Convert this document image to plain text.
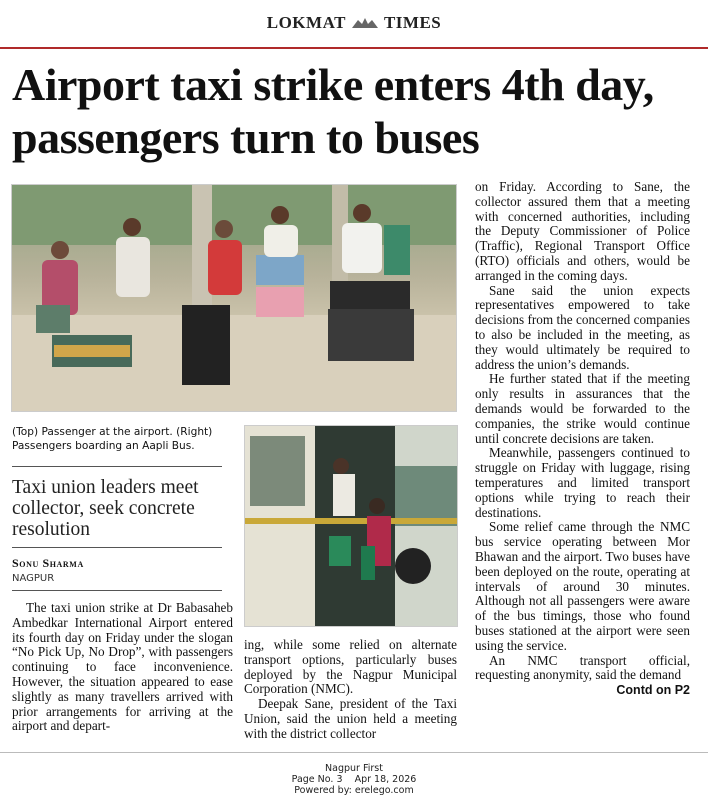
LOKMAT TIMES
Airport taxi strike enters 4th day, passengers turn to buses
(Top) Passenger at the airport. (Right) Passengers boarding an Aapli Bus.
Taxi union leaders meet collector, seek concrete resolution
Sonu Sharma
NAGPUR

The taxi union strike at Dr Babasaheb Ambedkar International Airport entered its fourth day on Friday under the slogan “No Pick Up, No Drop”, with passengers continuing to face inconvenience. However, the situation appeared to ease slightly as many travellers arrived with prior arrangements for arriving at the airport and depart-

ing, while some relied on alternate transport options, particularly buses deployed by the Nagpur Municipal Corporation (NMC).

Deepak Sane, president of the Taxi Union, said the union held a meeting with the district collector

on Friday. According to Sane, the collector assured them that a meeting with concerned authorities, including the Deputy Commissioner of Police (Traffic), Regional Transport Office (RTO) officials and others, would be arranged in the coming days.

Sane said the union expects representatives empowered to take decisions from the concerned companies to also be included in the meeting, as they would ultimately be required to address the union’s demands.

He further stated that if the meeting only results in assurances that the demands would be forwarded to the companies, the strike would continue until concrete decisions are taken.

Meanwhile, passengers continued to struggle on Friday with luggage, rising temperatures and limited transport options while trying to reach their destinations.

Some relief came through the NMC bus service operating between Mor Bhawan and the airport. Two buses have been deployed on the route, operating at intervals of around 30 minutes. Although not all passengers were aware of the bus timings, those who found buses stationed at the airport were seen using the service.

An NMC transport official, requesting anonymity, said the demand

Contd on P2
Nagpur First
Page No. 3    Apr 18, 2026
Powered by: erelego.com
